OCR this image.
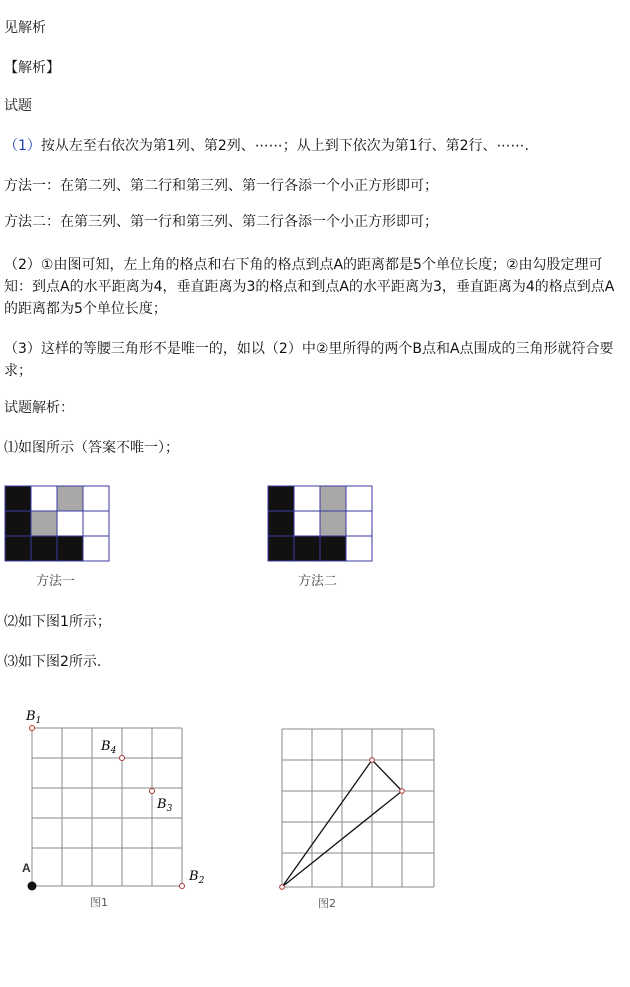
见解析
【解析】
试题
（1）按从左至右依次为第1列、第2列、⋯⋯；从上到下依次为第1行、第2行、⋯⋯.
方法一：在第二列、第二行和第三列、第一行各添一个小正方形即可；
方法二：在第三列、第一行和第三列、第二行各添一个小正方形即可；
（2）①由图可知，左上角的格点和右下角的格点到点A的距离都是5个单位长度；②由勾股定理可知：到点A的水平距离为4，垂直距离为3的格点和到点A的水平距离为3，垂直距离为4的格点到点A的距离都为5个单位长度；
（3）这样的等腰三角形不是唯一的，如以（2）中②里所得的两个B点和A点围成的三角形就符合要求；
试题解析：
⑴如图所示（答案不唯一）；
方法一	方法二
⑵如下图1所示；
⑶如下图2所示.
$B_1$
$B_4$
$B_3$
$B_2$
A
图1	图2
